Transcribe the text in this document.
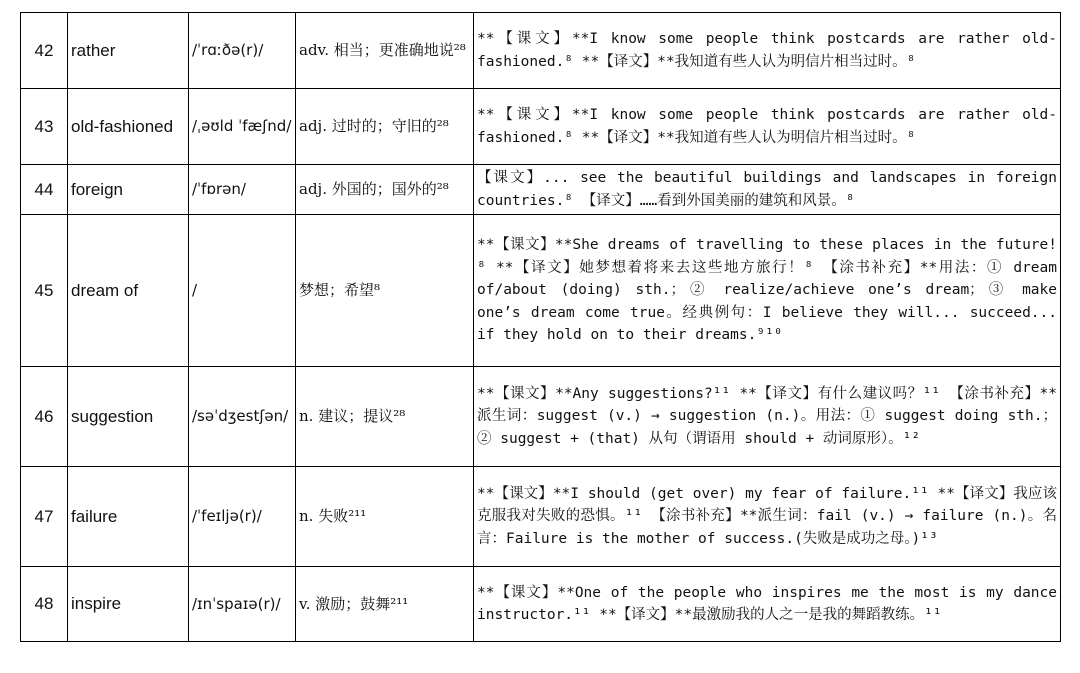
42	rather	/ˈrɑːðə(r)/	adv. 相当；更准确地说²⁸	**【课文】**I know some people think postcards are rather old-fashioned.⁸ **【译文】**我知道有些人认为明信片相当过时。⁸
43	old-fashioned	/ˌəʊld ˈfæʃnd/	adj. 过时的；守旧的²⁸	**【课文】**I know some people think postcards are rather old-fashioned.⁸ **【译文】**我知道有些人认为明信片相当过时。⁸
44	foreign	/ˈfɒrən/	adj. 外国的；国外的²⁸	【课文】... see the beautiful buildings and landscapes in foreign countries.⁸ 【译文】……看到外国美丽的建筑和风景。⁸
45	dream of	/	梦想；希望⁸	**【课文】**She dreams of travelling to these places in the future!⁸ **【译文】她梦想着将来去这些地方旅行！⁸ 【涂书补充】**用法：① dream of/about (doing) sth.；② realize/achieve one’s dream；③ make one’s dream come true。经典例句：I believe they will... succeed... if they hold on to their dreams.⁹¹⁰
46	suggestion	/səˈdʒestʃən/	n. 建议；提议²⁸	**【课文】**Any suggestions?¹¹ **【译文】有什么建议吗？¹¹ 【涂书补充】**派生词：suggest (v.) → suggestion (n.)。用法：① suggest doing sth.；② suggest + (that) 从句（谓语用 should + 动词原形）。¹²
47	failure	/ˈfeɪljə(r)/	n. 失败²¹¹	**【课文】**I should (get over) my fear of failure.¹¹ **【译文】我应该克服我对失败的恐惧。¹¹ 【涂书补充】**派生词：fail (v.) → failure (n.)。名言：Failure is the mother of success.(失败是成功之母。)¹³
48	inspire	/ɪnˈspaɪə(r)/	v. 激励；鼓舞²¹¹	**【课文】**One of the people who inspires me the most is my dance instructor.¹¹ **【译文】**最激励我的人之一是我的舞蹈教练。¹¹
